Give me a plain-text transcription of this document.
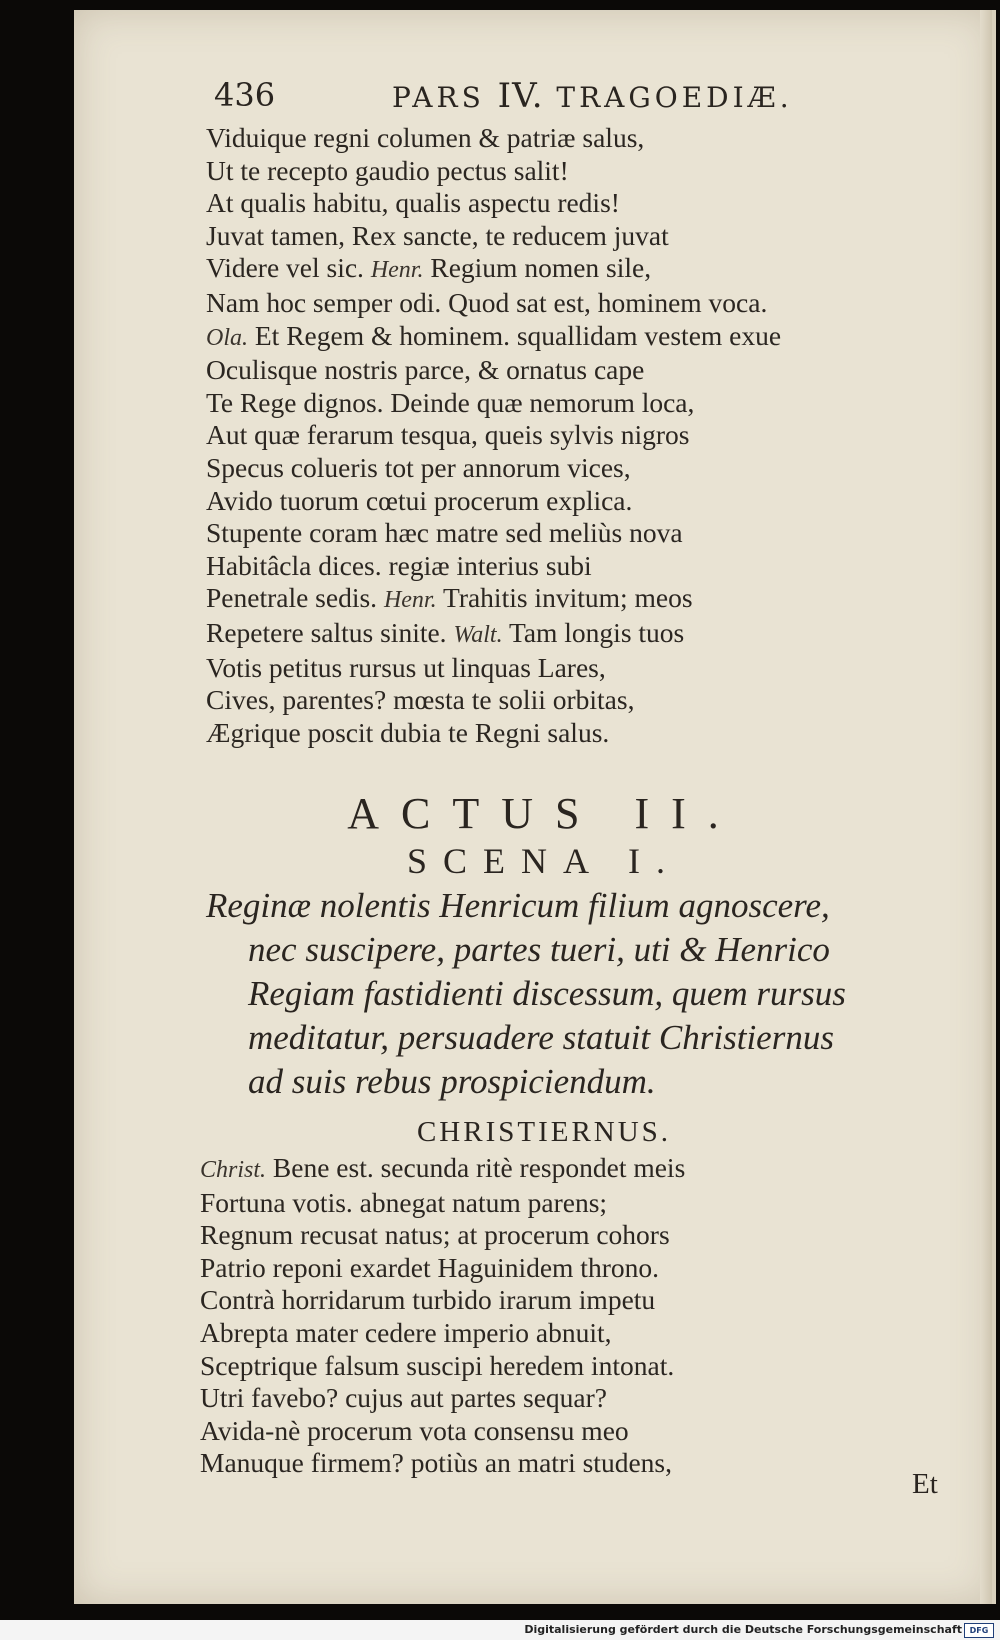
436	PARS IV. TRAGOEDIÆ.
Viduique regni columen & patriæ salus,
Ut te recepto gaudio pectus salit!
At qualis habitu, qualis aspectu redis!
Juvat tamen, Rex sancte, te reducem juvat
Videre vel sic. Henr. Regium nomen sile,
Nam hoc semper odi. Quod sat est, hominem voca.
Ola. Et Regem & hominem. squallidam vestem exue
Oculisque nostris parce, & ornatus cape
Te Rege dignos. Deinde quæ nemorum loca,
Aut quæ ferarum tesqua, queis sylvis nigros
Specus colueris tot per annorum vices,
Avido tuorum cœtui procerum explica.
Stupente coram hæc matre sed meliùs nova
Habitâcla dices. regiæ interius subi
Penetrale sedis. Henr. Trahitis invitum; meos
Repetere saltus sinite. Walt. Tam longis tuos
Votis petitus rursus ut linquas Lares,
Cives, parentes? mœsta te solii orbitas,
Ægrique poscit dubia te Regni salus.
ACTUS II.
SCENA I.
Reginæ nolentis Henricum filium agnoscere,
nec suscipere, partes tueri, uti & Henrico
Regiam fastidienti discessum, quem rursus
meditatur, persuadere statuit Christiernus
ad suis rebus prospiciendum.
CHRISTIERNUS.
Christ. Bene est. secunda ritè respondet meis
Fortuna votis. abnegat natum parens;
Regnum recusat natus; at procerum cohors
Patrio reponi exardet Haguinidem throno.
Contrà horridarum turbido irarum impetu
Abrepta mater cedere imperio abnuit,
Sceptrique falsum suscipi heredem intonat.
Utri favebo? cujus aut partes sequar?
Avida-nè procerum vota consensu meo
Manuque firmem? potiùs an matri studens,
Et
Digitalisierung gefördert durch die Deutsche Forschungsgemeinschaft DFG
